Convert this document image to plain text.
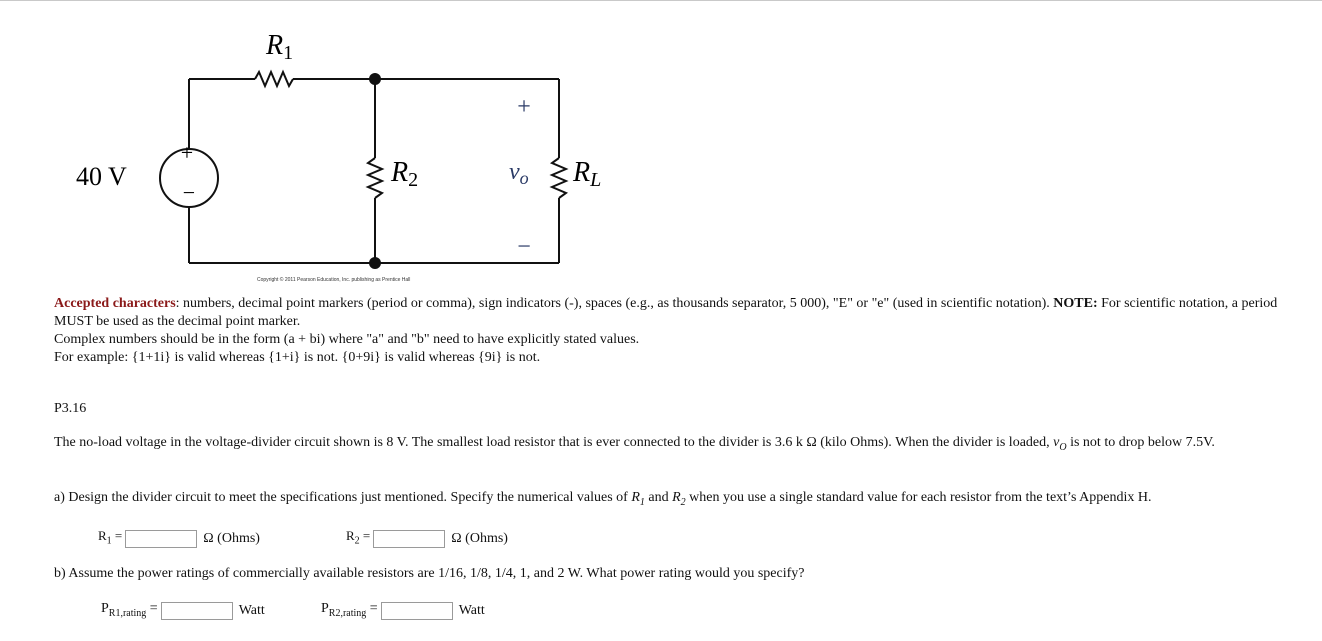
+
−
40 V
R1
R2	RL
$v_o$
+
−
Copyright © 2011 Pearson Education, Inc. publishing as Prentice Hall
Accepted characters: numbers, decimal point markers (period or comma), sign indicators (-), spaces (e.g., as thousands separator, 5 000), "E" or "e" (used in scientific notation). NOTE: For scientific notation, a period MUST be used as the decimal point marker.
Complex numbers should be in the form (a + bi) where "a" and "b" need to have explicitly stated values.
For example: {1+1i} is valid whereas {1+i} is not. {0+9i} is valid whereas {9i} is not.
P3.16
The no-load voltage in the voltage-divider circuit shown is 8 V. The smallest load resistor that is ever connected to the divider is 3.6 k Ω (kilo Ohms). When the divider is loaded, $v_O$ is not to drop below 7.5V.
a) Design the divider circuit to meet the specifications just mentioned. Specify the numerical values of $R_1$ and $R_2$ when you use a single standard value for each resistor from the text’s Appendix H.
$R_1$ =	Ω (Ohms)	$R_2$ =	Ω (Ohms)
b) Assume the power ratings of commercially available resistors are 1/16, 1/8, 1/4, 1, and 2 W. What power rating would you specify?
$P_{R1,rating}$ =	Watt	$P_{R2,rating}$ =	Watt
